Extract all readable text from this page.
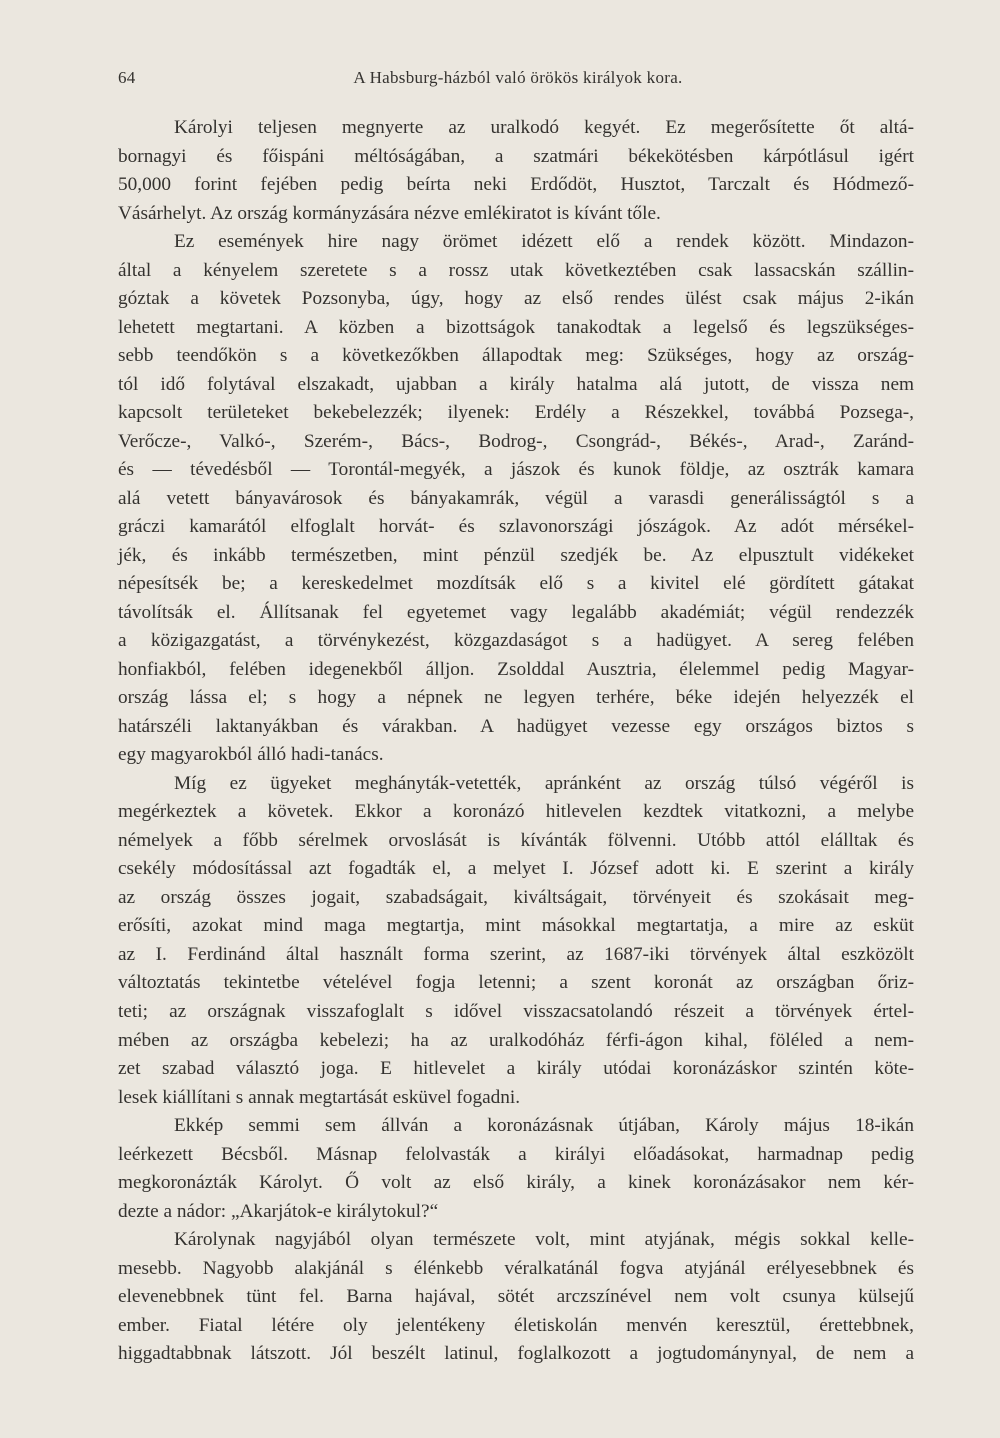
64	A Habsburg-házból való örökös királyok kora.
Károlyi teljesen megnyerte az uralkodó kegyét. Ez megerősítette őt altá-
bornagyi és főispáni méltóságában, a szatmári békekötésben kárpótlásul igért
50,000 forint fejében pedig beírta neki Erdődöt, Husztot, Tarczalt és Hódmező-
Vásárhelyt. Az ország kormányzására nézve emlékiratot is kívánt tőle.
Ez események hire nagy örömet idézett elő a rendek között. Mindazon-
által a kényelem szeretete s a rossz utak következtében csak lassacskán szállin-
góztak a követek Pozsonyba, úgy, hogy az első rendes ülést csak május 2-ikán
lehetett megtartani. A közben a bizottságok tanakodtak a legelső és legszükséges-
sebb teendőkön s a következőkben állapodtak meg: Szükséges, hogy az ország-
tól idő folytával elszakadt, ujabban a király hatalma alá jutott, de vissza nem
kapcsolt területeket bekebelezzék; ilyenek: Erdély a Részekkel, továbbá Pozsega-,
Verőcze-, Valkó-, Szerém-, Bács-, Bodrog-, Csongrád-, Békés-, Arad-, Zaránd-
és — tévedésből — Torontál-megyék, a jászok és kunok földje, az osztrák kamara
alá vetett bányavárosok és bányakamrák, végül a varasdi generálisságtól s a
gráczi kamarától elfoglalt horvát- és szlavonországi jószágok. Az adót mérsékel-
jék, és inkább természetben, mint pénzül szedjék be. Az elpusztult vidékeket
népesítsék be; a kereskedelmet mozdítsák elő s a kivitel elé gördített gátakat
távolítsák el. Állítsanak fel egyetemet vagy legalább akadémiát; végül rendezzék
a közigazgatást, a törvénykezést, közgazdaságot s a hadügyet. A sereg felében
honfiakból, felében idegenekből álljon. Zsolddal Ausztria, élelemmel pedig Magyar-
ország lássa el; s hogy a népnek ne legyen terhére, béke idején helyezzék el
határszéli laktanyákban és várakban. A hadügyet vezesse egy országos biztos s
egy magyarokból álló hadi-tanács.
Míg ez ügyeket meghányták-vetették, apránként az ország túlsó végéről is
megérkeztek a követek. Ekkor a koronázó hitlevelen kezdtek vitatkozni, a melybe
némelyek a főbb sérelmek orvoslását is kívánták fölvenni. Utóbb attól elálltak és
csekély módosítással azt fogadták el, a melyet I. József adott ki. E szerint a király
az ország összes jogait, szabadságait, kiváltságait, törvényeit és szokásait meg-
erősíti, azokat mind maga megtartja, mint másokkal megtartatja, a mire az esküt
az I. Ferdinánd által használt forma szerint, az 1687-iki törvények által eszközölt
változtatás tekintetbe vételével fogja letenni; a szent koronát az országban őriz-
teti; az országnak visszafoglalt s idővel visszacsatolandó részeit a törvények értel-
mében az országba kebelezi; ha az uralkodóház férfi-ágon kihal, föléled a nem-
zet szabad választó joga. E hitlevelet a király utódai koronázáskor szintén köte-
lesek kiállítani s annak megtartását esküvel fogadni.
Ekkép semmi sem állván a koronázásnak útjában, Károly május 18-ikán
leérkezett Bécsből. Másnap felolvasták a királyi előadásokat, harmadnap pedig
megkoronázták Károlyt. Ő volt az első király, a kinek koronázásakor nem kér-
dezte a nádor: „Akarjátok-e királytokul?“
Károlynak nagyjából olyan természete volt, mint atyjának, mégis sokkal kelle-
mesebb. Nagyobb alakjánál s élénkebb véralkatánál fogva atyjánál erélyesebbnek és
elevenebbnek tünt fel. Barna hajával, sötét arczszínével nem volt csunya külsejű
ember. Fiatal létére oly jelentékeny életiskolán menvén keresztül, érettebbnek,
higgadtabbnak látszott. Jól beszélt latinul, foglalkozott a jogtudománynyal, de nem a
